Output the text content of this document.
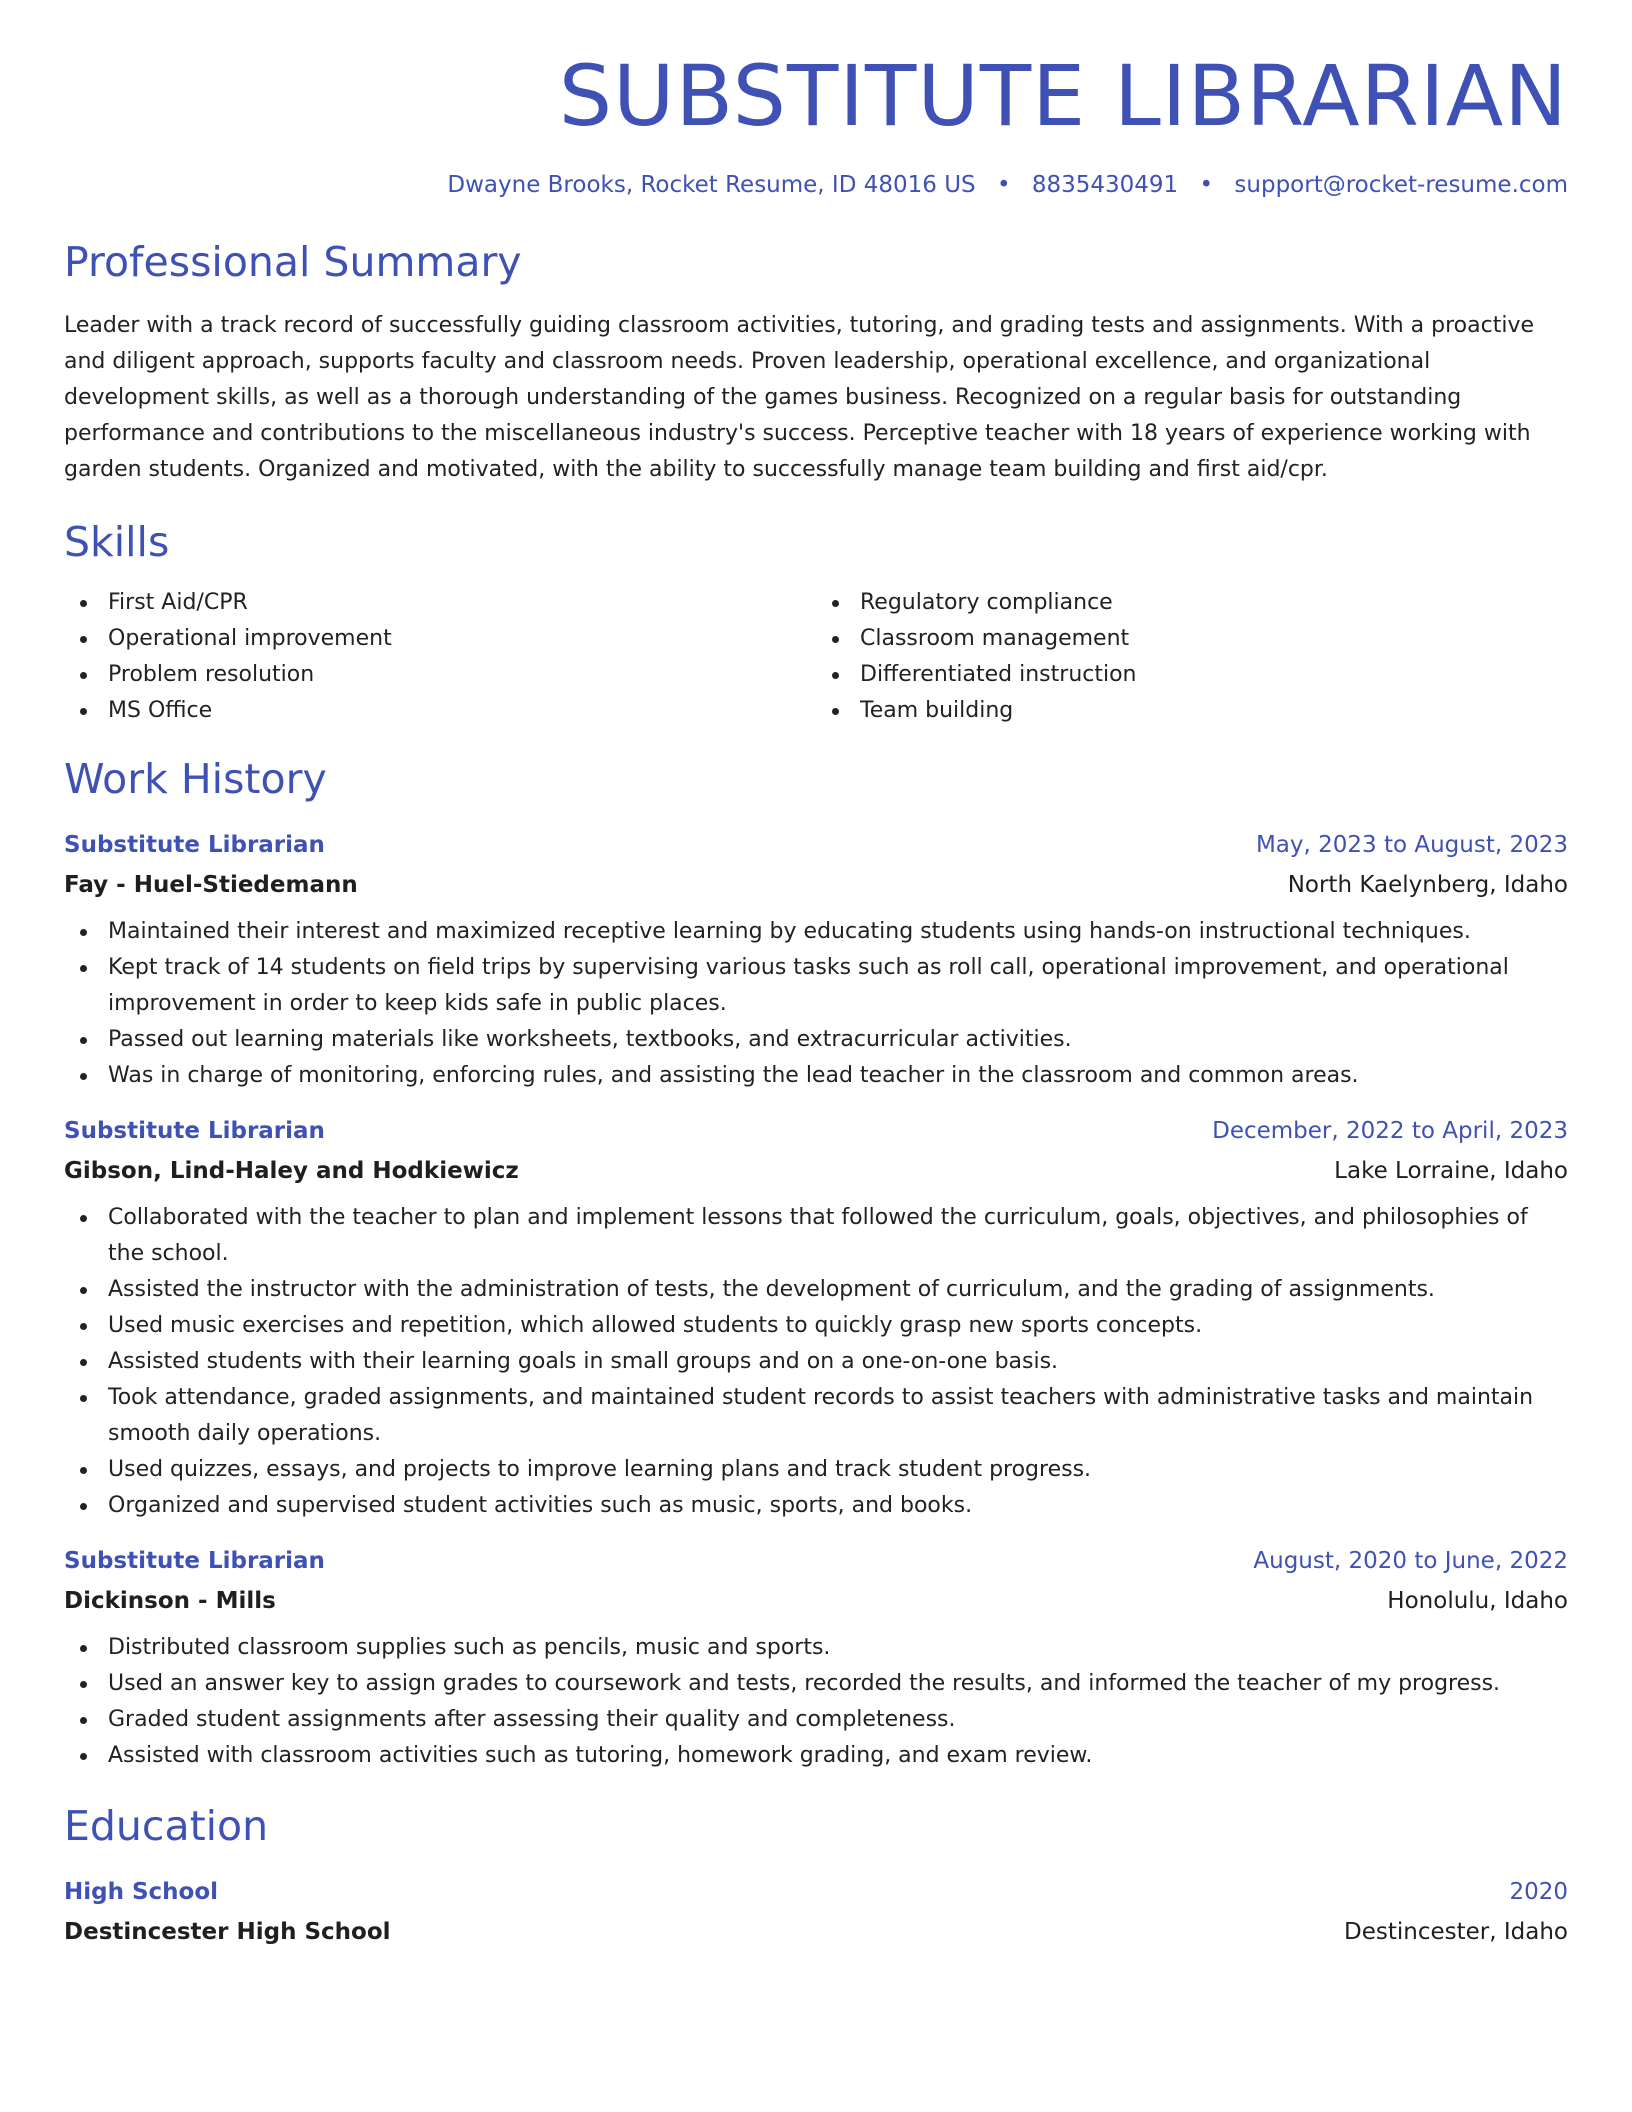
SUBSTITUTE LIBRARIAN
Dwayne Brooks, Rocket Resume, ID 48016 US • 8835430491 • support@rocket-resume.com
Professional Summary

Leader with a track record of successfully guiding classroom activities, tutoring, and grading tests and assignments. With a proactive and diligent approach, supports faculty and classroom needs. Proven leadership, operational excellence, and organizational development skills, as well as a thorough understanding of the games business. Recognized on a regular basis for outstanding performance and contributions to the miscellaneous industry's success. Perceptive teacher with 18 years of experience working with garden students. Organized and motivated, with the ability to successfully manage team building and first aid/cpr.

Skills
First Aid/CPR
Operational improvement
Problem resolution
MS Office
Regulatory compliance
Classroom management
Differentiated instruction
Team building
Work History
Substitute Librarian	May, 2023 to August, 2023
Fay - Huel-Stiedemann	North Kaelynberg, Idaho
Maintained their interest and maximized receptive learning by educating students using hands-on instructional techniques.
Kept track of 14 students on field trips by supervising various tasks such as roll call, operational improvement, and operational improvement in order to keep kids safe in public places.
Passed out learning materials like worksheets, textbooks, and extracurricular activities.
Was in charge of monitoring, enforcing rules, and assisting the lead teacher in the classroom and common areas.
Substitute Librarian	December, 2022 to April, 2023
Gibson, Lind-Haley and Hodkiewicz	Lake Lorraine, Idaho
Collaborated with the teacher to plan and implement lessons that followed the curriculum, goals, objectives, and philosophies of the school.
Assisted the instructor with the administration of tests, the development of curriculum, and the grading of assignments.
Used music exercises and repetition, which allowed students to quickly grasp new sports concepts.
Assisted students with their learning goals in small groups and on a one-on-one basis.
Took attendance, graded assignments, and maintained student records to assist teachers with administrative tasks and maintain smooth daily operations.
Used quizzes, essays, and projects to improve learning plans and track student progress.
Organized and supervised student activities such as music, sports, and books.
Substitute Librarian	August, 2020 to June, 2022
Dickinson - Mills	Honolulu, Idaho
Distributed classroom supplies such as pencils, music and sports.
Used an answer key to assign grades to coursework and tests, recorded the results, and informed the teacher of my progress.
Graded student assignments after assessing their quality and completeness.
Assisted with classroom activities such as tutoring, homework grading, and exam review.
Education
High School	2020
Destincester High School	Destincester, Idaho
